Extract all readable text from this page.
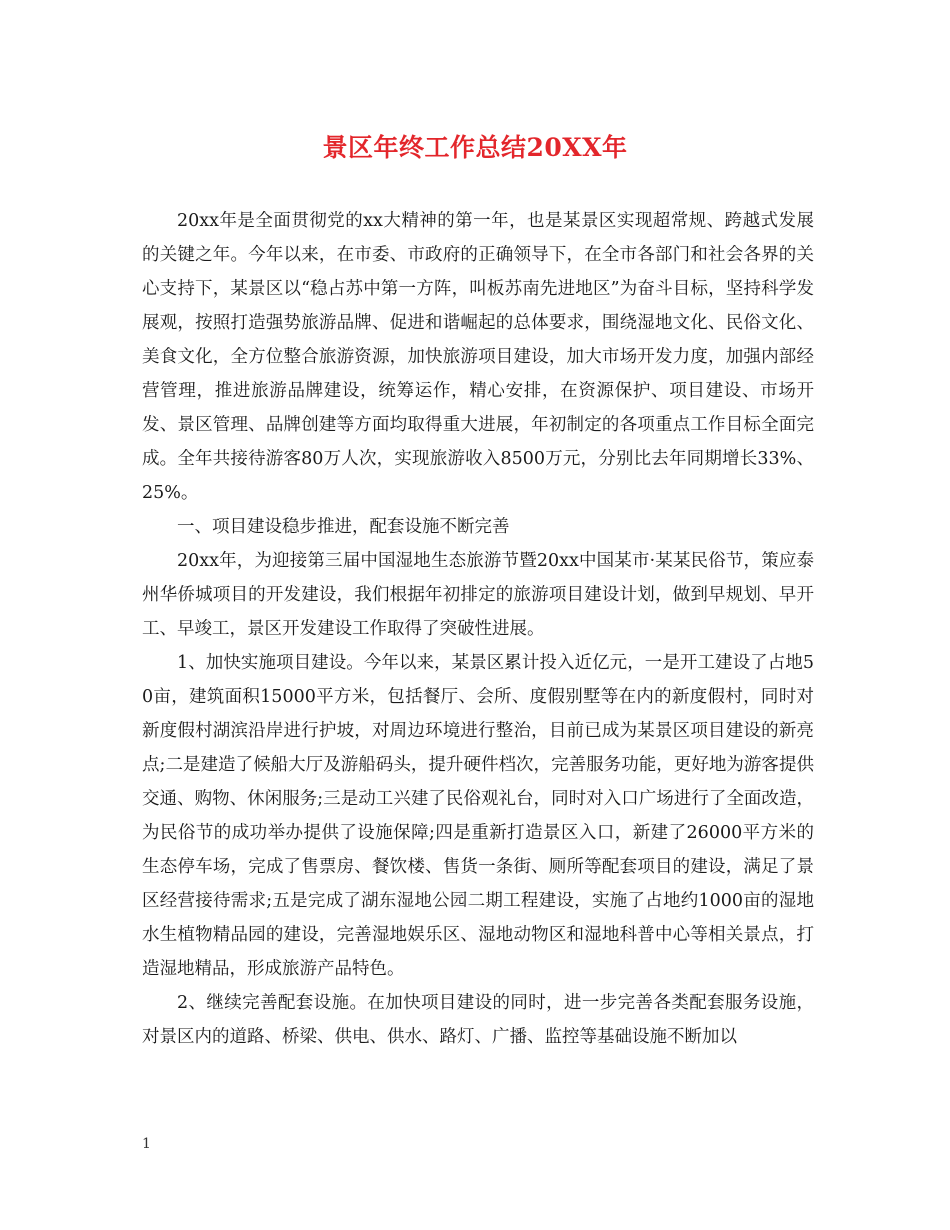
景区年终工作总结20XX年

20xx年是全面贯彻党的xx大精神的第一年，也是某景区实现超常规、跨越式发展的关键之年。今年以来，在市委、市政府的正确领导下，在全市各部门和社会各界的关心支持下，某景区以“稳占苏中第一方阵，叫板苏南先进地区”为奋斗目标，坚持科学发展观，按照打造强势旅游品牌、促进和谐崛起的总体要求，围绕湿地文化、民俗文化、美食文化，全方位整合旅游资源，加快旅游项目建设，加大市场开发力度，加强内部经营管理，推进旅游品牌建设，统筹运作，精心安排，在资源保护、项目建设、市场开发、景区管理、品牌创建等方面均取得重大进展，年初制定的各项重点工作目标全面完成。全年共接待游客80万人次，实现旅游收入8500万元，分别比去年同期增长33%、25%。

一、项目建设稳步推进，配套设施不断完善

20xx年，为迎接第三届中国湿地生态旅游节暨20xx中国某市·某某民俗节，策应泰州华侨城项目的开发建设，我们根据年初排定的旅游项目建设计划，做到早规划、早开工、早竣工，景区开发建设工作取得了突破性进展。

1、加快实施项目建设。今年以来，某景区累计投入近亿元，一是开工建设了占地50亩，建筑面积15000平方米，包括餐厅、会所、度假别墅等在内的新度假村，同时对新度假村湖滨沿岸进行护坡，对周边环境进行整治，目前已成为某景区项目建设的新亮点;二是建造了候船大厅及游船码头，提升硬件档次，完善服务功能，更好地为游客提供交通、购物、休闲服务;三是动工兴建了民俗观礼台，同时对入口广场进行了全面改造，为民俗节的成功举办提供了设施保障;四是重新打造景区入口，新建了26000平方米的生态停车场，完成了售票房、餐饮楼、售货一条街、厕所等配套项目的建设，满足了景区经营接待需求;五是完成了湖东湿地公园二期工程建设，实施了占地约1000亩的湿地水生植物精品园的建设，完善湿地娱乐区、湿地动物区和湿地科普中心等相关景点，打造湿地精品，形成旅游产品特色。

2、继续完善配套设施。在加快项目建设的同时，进一步完善各类配套服务设施，对景区内的道路、桥梁、供电、供水、路灯、广播、监控等基础设施不断加以

1
